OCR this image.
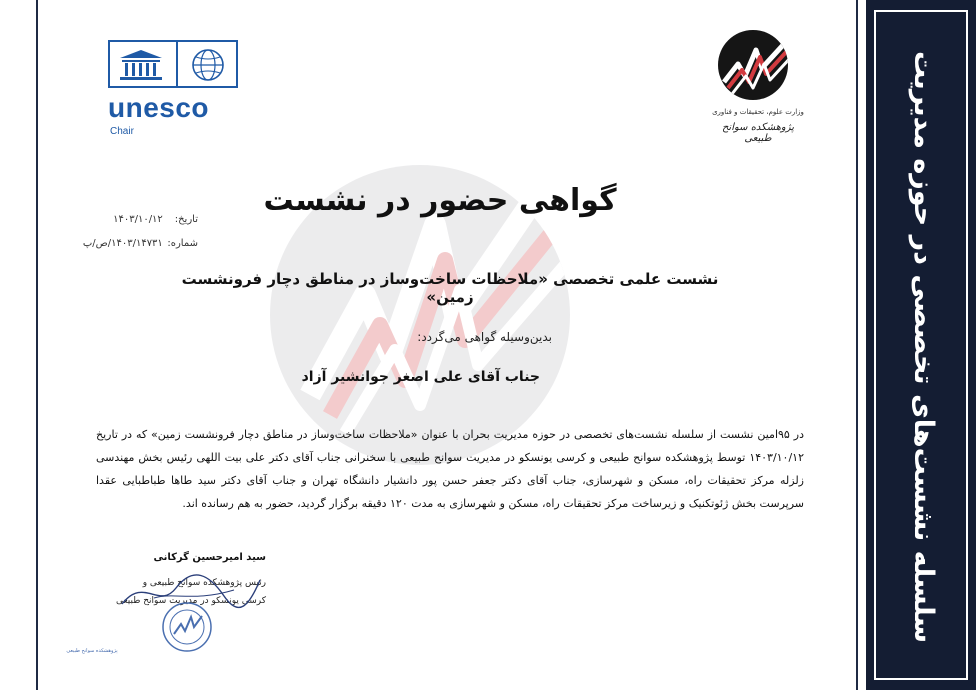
unesco
Chair
وزارت علوم، تحقیقات و فناوری
پژوهشکده سوانح طبیعی
گواهی حضور در نشست
تاریخ: ۱۴۰۳/۱۰/۱۲
شماره: ۱۴۰۳/۱۴۷۳۱/ص/پ
نشست علمی تخصصی «ملاحظات ساخت‌وساز در مناطق دچار فرونشست زمین»
بدین‌وسیله گواهی می‌گردد:
جناب آقای علی اصغر جوانشیر آزاد
در ۹۵امین نشست از سلسله نشست‌های تخصصی در حوزه مدیریت بحران با عنوان «ملاحظات ساخت‌وساز در مناطق دچار فرونشست زمین» که در تاریخ ۱۴۰۳/۱۰/۱۲ توسط پژوهشکده سوانح طبیعی و کرسی یونسکو در مدیریت سوانح طبیعی با سخنرانی جناب آقای دکتر علی بیت اللهی رئیس بخش مهندسی زلزله مرکز تحقیقات راه، مسکن و شهرسازی، جناب آقای دکتر جعفر حسن پور دانشیار دانشگاه تهران و جناب آقای دکتر سید طاها طباطبایی عقدا سرپرست بخش ژئوتکنیک و زیرساخت مرکز تحقیقات راه، مسکن و شهرسازی به مدت ۱۲۰ دقیقه برگزار گردید، حضور به هم رسانده اند.
سید امیرحسین گرکانی
رئیس پژوهشکده سوانح طبیعی و
کرسی یونسکو در مدیریت سوانح طبیعی
پژوهشکده سوانح طبیعی
سلسله نشست‌های تخصصی در حوزه مدیریت بحران
